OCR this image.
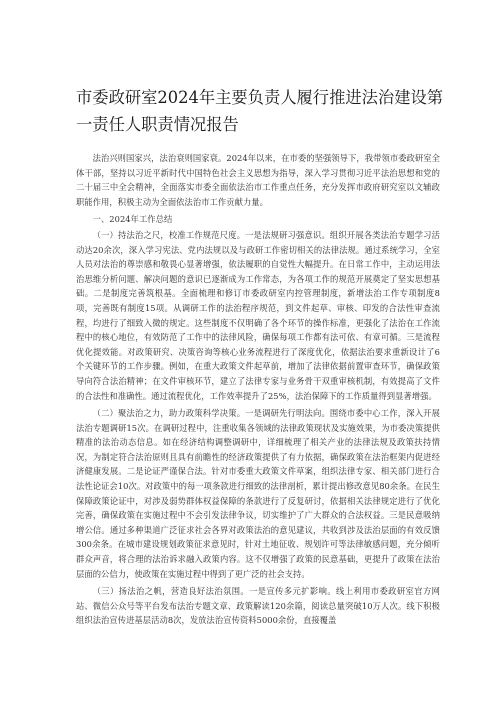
市委政研室2024年主要负责人履行推进法治建设第
一责任人职责情况报告

法治兴则国家兴，法治衰则国家衰。2024年以来，在市委的坚强领导下，我带领市委政研室全体干部，坚持以习近平新时代中国特色社会主义思想为指导，深入学习贯彻习近平法治思想和党的二十届三中全会精神，全面落实市委全面依法治市工作重点任务，充分发挥市政府研究室以文辅政职能作用，积极主动为全面依法治市工作贡献力量。

一、2024年工作总结

（一）持法治之尺，校准工作规范尺度。一是法规研习强意识。组织开展各类法治专题学习活动达20余次，深入学习宪法、党内法规以及与政研工作密切相关的法律法规。通过系统学习，全室人员对法治的尊崇感和敬畏心显著增强，依法履职的自觉性大幅提升。在日常工作中，主动运用法治思维分析问题、解决问题的意识已逐渐成为工作常态，为各项工作的规范开展奠定了坚实思想基础。二是制度完善筑根基。全面梳理和修订市委政研室内控管理制度，新增法治工作专项制度8项，完善既有制度15项。从调研工作的法治程序规范，到文件起草、审核、印发的合法性审查流程，均进行了细致入微的规定。这些制度不仅明确了各个环节的操作标准，更强化了法治在工作流程中的核心地位，有效防范了工作中的法律风险，确保每项工作都有法可依、有章可循。三是流程优化提效能。对政策研究、决策咨询等核心业务流程进行了深度优化，依据法治要求重新设计了6个关键环节的工作步骤。例如，在重大政策文件起草前，增加了法律依据前置审查环节，确保政策导向符合法治精神；在文件审核环节，建立了法律专家与业务骨干双重审核机制，有效提高了文件的合法性和准确性。通过流程优化，工作效率提升了25%，法治保障下的工作质量得到显著增强。

（二）聚法治之力，助力政策科学决策。一是调研先行明法向。围绕市委中心工作，深入开展法治专题调研15次。在调研过程中，注重收集各领域的法律政策现状及实施效果，为市委决策提供精准的法治动态信息。如在经济结构调整调研中，详细梳理了相关产业的法律法规及政策扶持情况，为制定符合法治原则且具有前瞻性的经济政策提供了有力依据，确保政策在法治框架内促进经济健康发展。二是论证严谨保合法。针对市委重大政策文件草案，组织法律专家、相关部门进行合法性论证会10次。对政策中的每一项条款进行细致的法律剖析，累计提出修改意见80余条。在民生保障政策论证中，对涉及弱势群体权益保障的条款进行了反复研讨，依据相关法律规定进行了优化完善，确保政策在实施过程中不会引发法律争议，切实维护了广大群众的合法权益。三是民意吸纳增公信。通过多种渠道广泛征求社会各界对政策法治的意见建议，共收到涉及法治层面的有效反馈300余条。在城市建设规划政策征求意见时，针对土地征收、规划许可等法律敏感问题，充分倾听群众声音，将合理的法治诉求融入政策内容。这不仅增强了政策的民意基础，更提升了政策在法治层面的公信力，使政策在实施过程中得到了更广泛的社会支持。

（三）扬法治之帆，营造良好法治氛围。一是宣传多元扩影响。线上利用市委政研室官方网站、微信公众号等平台发布法治专题文章、政策解读120余篇，阅读总量突破10万人次。线下积极组织法治宣传进基层活动8次，发放法治宣传资料5000余份，直接覆盖
